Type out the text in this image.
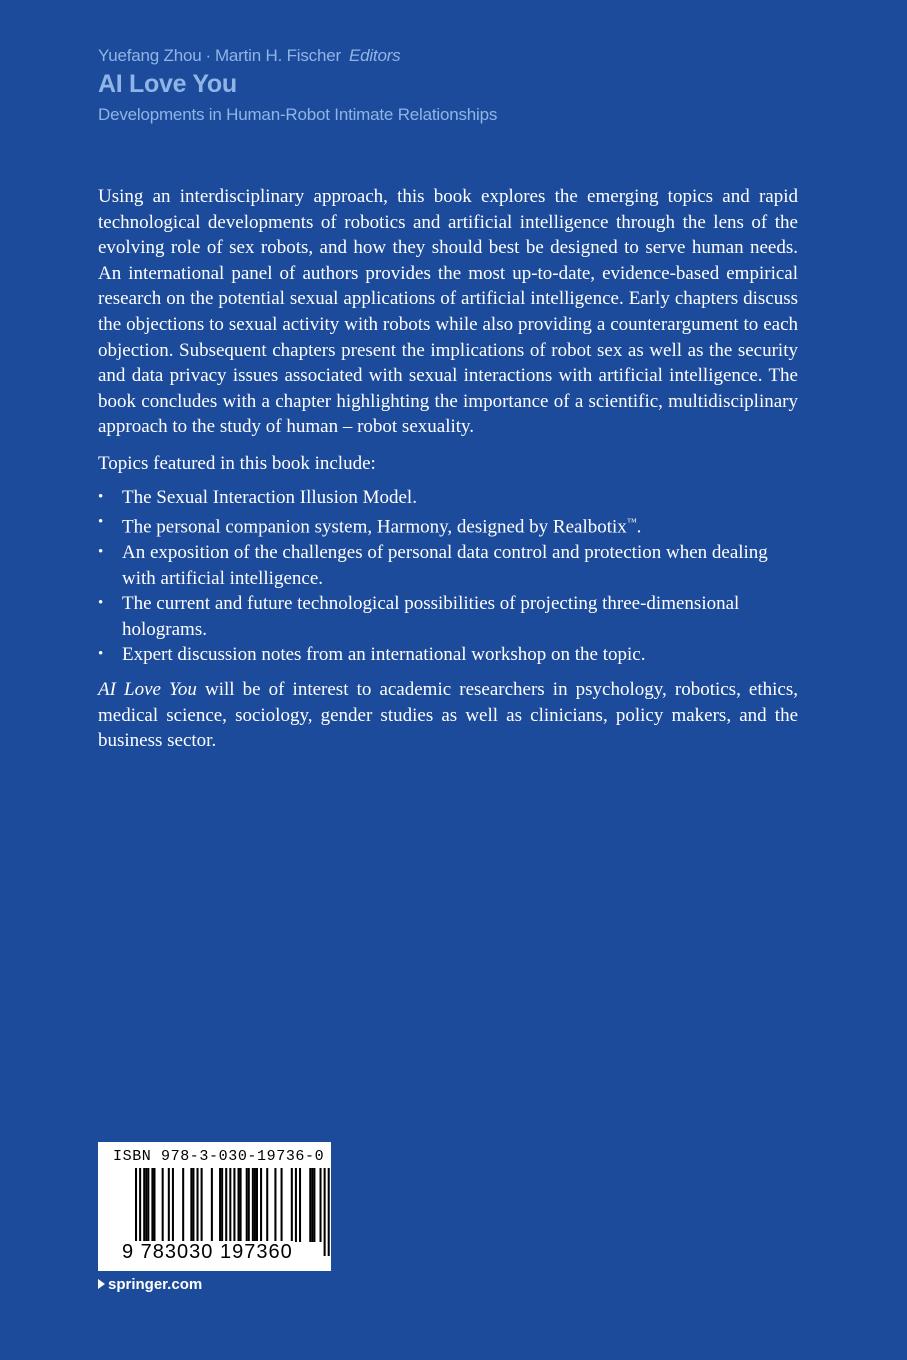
Yuefang Zhou · Martin H. Fischer Editors
AI Love You
Developments in Human-Robot Intimate Relationships

Using an interdisciplinary approach, this book explores the emerging topics and rapid technological developments of robotics and artificial intelligence through the lens of the evolving role of sex robots, and how they should best be designed to serve human needs. An international panel of authors provides the most up-to-date, evidence-based empirical research on the potential sexual applications of artificial intelligence. Early chapters discuss the objections to sexual activity with robots while also providing a counterargument to each objection. Subsequent chapters present the implications of robot sex as well as the security and data privacy issues associated with sexual interactions with artificial intelligence. The book concludes with a chapter highlighting the importance of a scientific, multidisciplinary approach to the study of human – robot sexuality.

Topics featured in this book include:

• The Sexual Interaction Illusion Model.
• The personal companion system, Harmony, designed by Realbotix™.
• An exposition of the challenges of personal data control and protection when dealing with artificial intelligence.
• The current and future technological possibilities of projecting three-dimensional holograms.
• Expert discussion notes from an international workshop on the topic.

AI Love You will be of interest to academic researchers in psychology, robotics, ethics, medical science, sociology, gender studies as well as clinicians, policy makers, and the business sector.

ISBN 978-3-030-19736-0
9 783030 197360
springer.com
